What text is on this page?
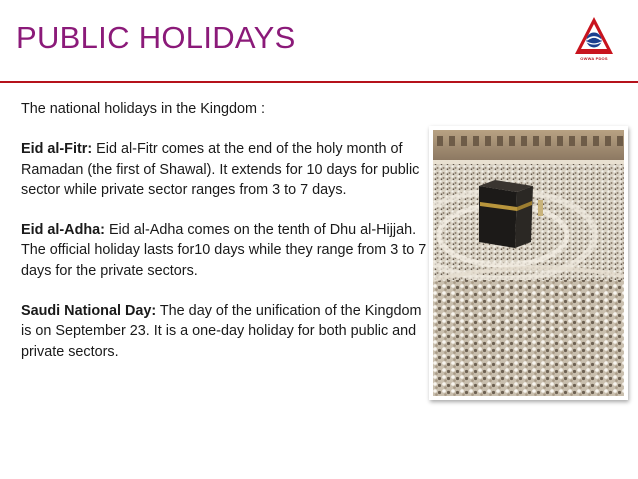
PUBLIC HOLIDAYS
OWWA PDOS

The national holidays in the Kingdom :

Eid al-Fitr: Eid al-Fitr comes at the end of the holy month of Ramadan (the first of Shawal). It extends for 10 days for public sector while private sector ranges from 3 to 7 days.

Eid al-Adha: Eid al-Adha comes on the tenth of Dhu al-Hijjah. The official holiday lasts for10 days while they range from 3 to 7 days for the private sectors.

Saudi National Day: The day of the unification of the Kingdom is on September 23. It is a one-day holiday for both public and private sectors.
